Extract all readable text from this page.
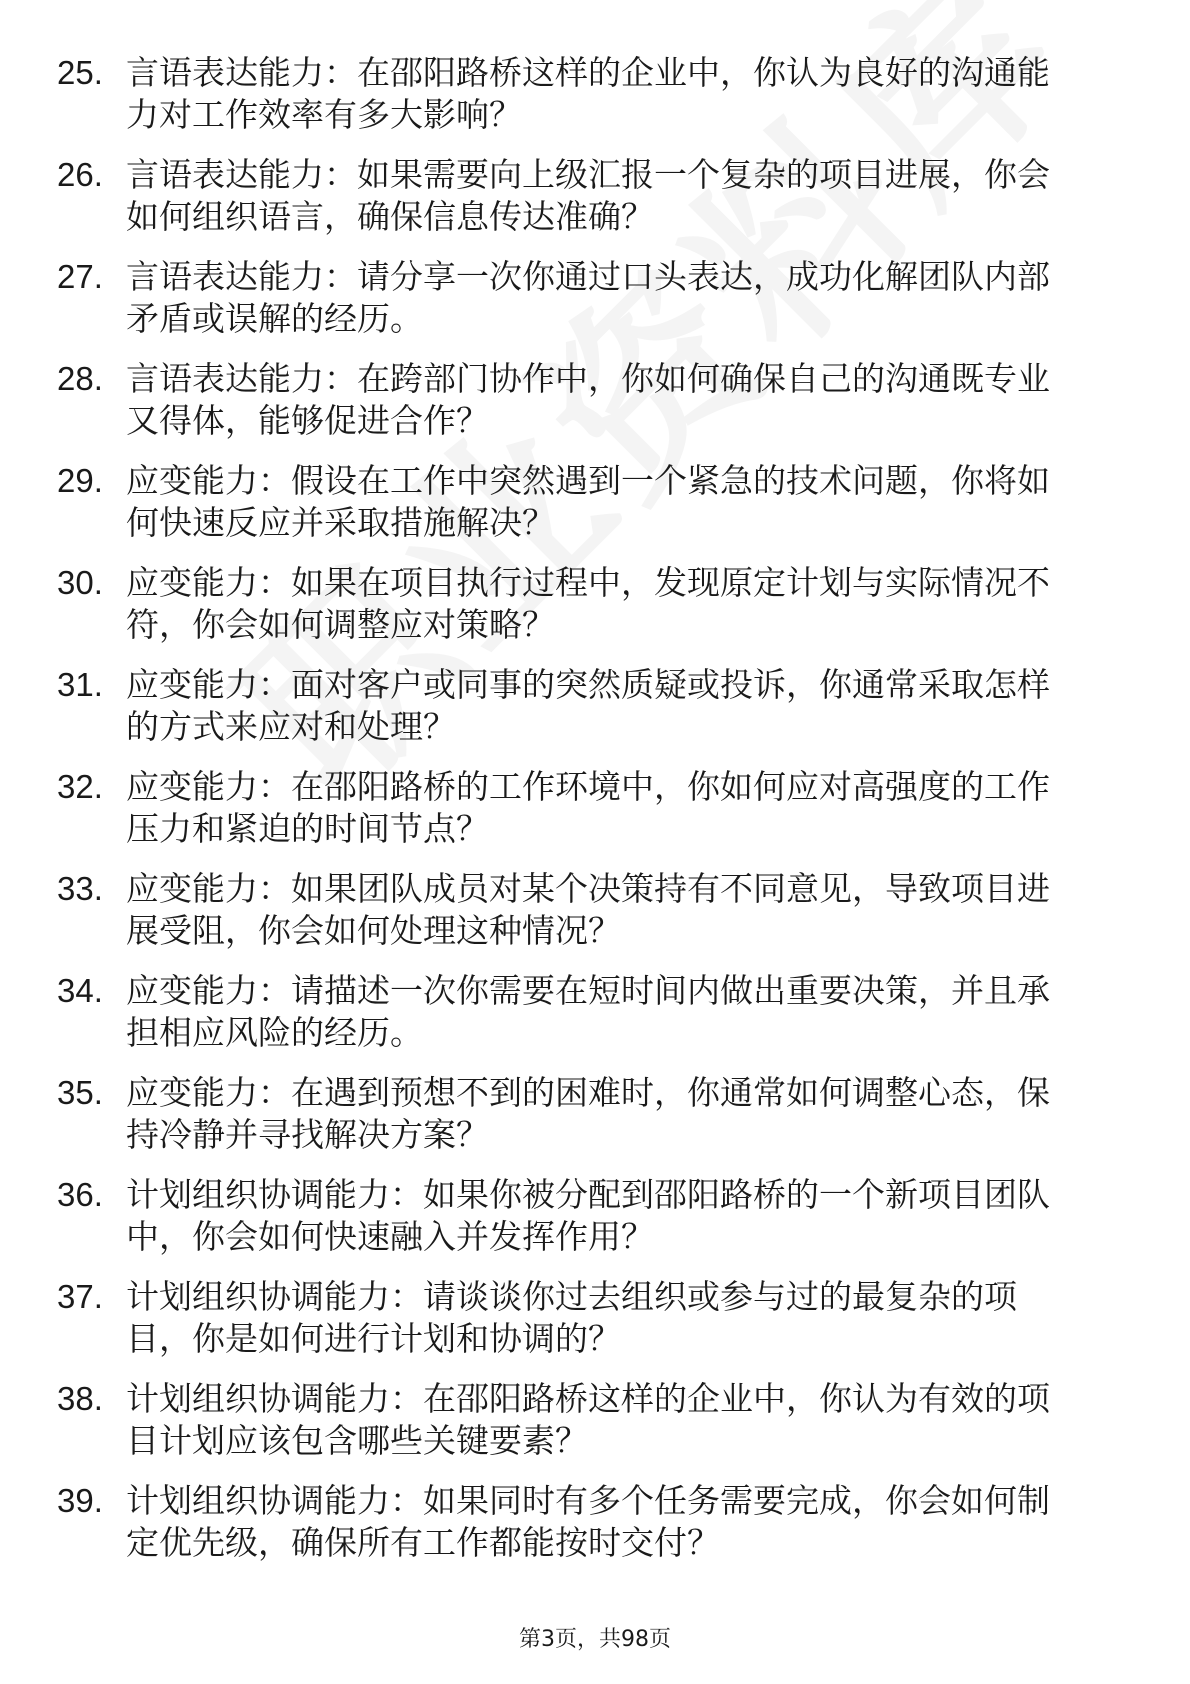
25. 言语表达能力：在邵阳路桥这样的企业中，你认为良好的沟通能
力对工作效率有多大影响？
26. 言语表达能力：如果需要向上级汇报一个复杂的项目进展，你会
如何组织语言，确保信息传达准确？
27. 言语表达能力：请分享一次你通过口头表达，成功化解团队内部
矛盾或误解的经历。
28. 言语表达能力：在跨部门协作中，你如何确保自己的沟通既专业
又得体，能够促进合作？
29. 应变能力：假设在工作中突然遇到一个紧急的技术问题，你将如
何快速反应并采取措施解决？
30. 应变能力：如果在项目执行过程中，发现原定计划与实际情况不
符，你会如何调整应对策略？
31. 应变能力：面对客户或同事的突然质疑或投诉，你通常采取怎样
的方式来应对和处理？
32. 应变能力：在邵阳路桥的工作环境中，你如何应对高强度的工作
压力和紧迫的时间节点？
33. 应变能力：如果团队成员对某个决策持有不同意见，导致项目进
展受阻，你会如何处理这种情况？
34. 应变能力：请描述一次你需要在短时间内做出重要决策，并且承
担相应风险的经历。
35. 应变能力：在遇到预想不到的困难时，你通常如何调整心态，保
持冷静并寻找解决方案？
36. 计划组织协调能力：如果你被分配到邵阳路桥的一个新项目团队
中，你会如何快速融入并发挥作用？
37. 计划组织协调能力：请谈谈你过去组织或参与过的最复杂的项
目，你是如何进行计划和协调的？
38. 计划组织协调能力：在邵阳路桥这样的企业中，你认为有效的项
目计划应该包含哪些关键要素？
39. 计划组织协调能力：如果同时有多个任务需要完成，你会如何制
定优先级，确保所有工作都能按时交付？
第3页，共98页
